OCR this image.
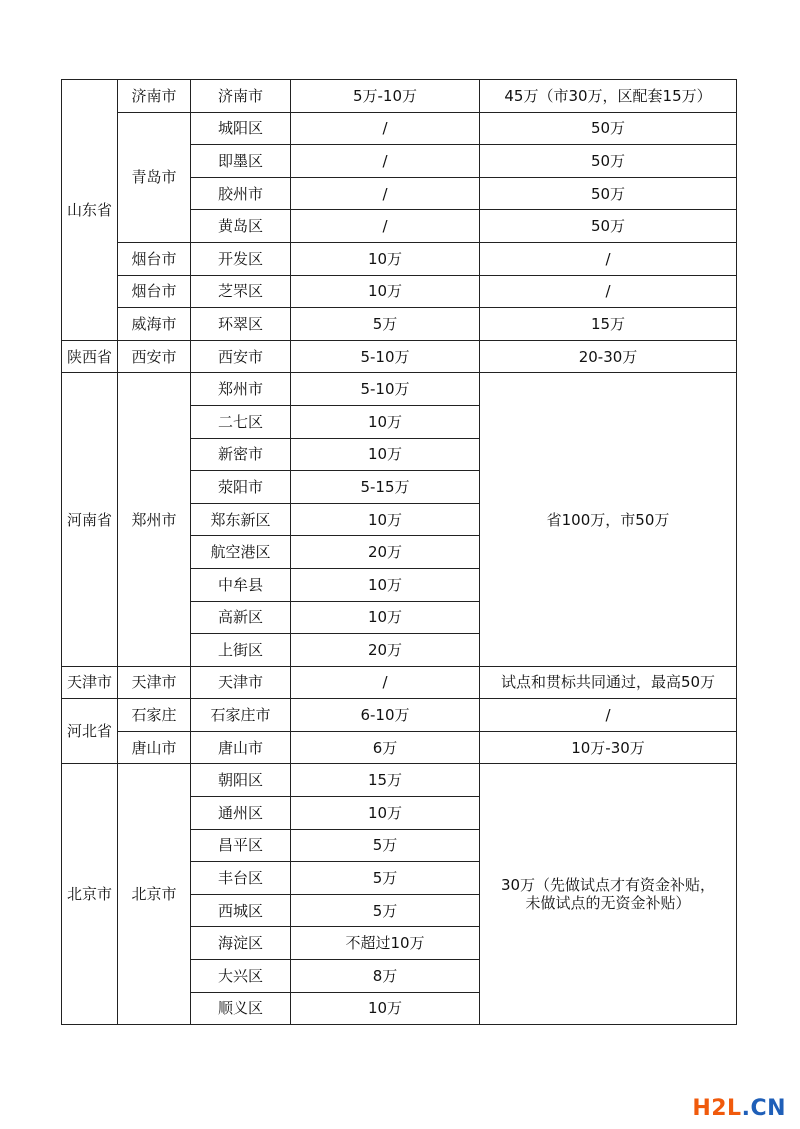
山东省	济南市	济南市	5万-10万	45万（市30万，区配套15万）
	青岛市	城阳区	/	50万
		即墨区	/	50万
		胶州市	/	50万
		黄岛区	/	50万
	烟台市	开发区	10万	/
	烟台市	芝罘区	10万	/
	威海市	环翠区	5万	15万
陕西省	西安市	西安市	5-10万	20-30万
河南省	郑州市	郑州市	5-10万	省100万，市50万
		二七区	10万	
		新密市	10万	
		荥阳市	5-15万	
		郑东新区	10万	
		航空港区	20万	
		中牟县	10万	
		高新区	10万	
		上街区	20万	
天津市	天津市	天津市	/	试点和贯标共同通过，最高50万
河北省	石家庄	石家庄市	6-10万	/
	唐山市	唐山市	6万	10万-30万
北京市	北京市	朝阳区	15万	30万（先做试点才有资金补贴，
未做试点的无资金补贴）

		通州区	10万	
		昌平区	5万	
		丰台区	5万	
		西城区	5万	
		海淀区	不超过10万	
		大兴区	8万	
		顺义区	10万	
H2L.CN
